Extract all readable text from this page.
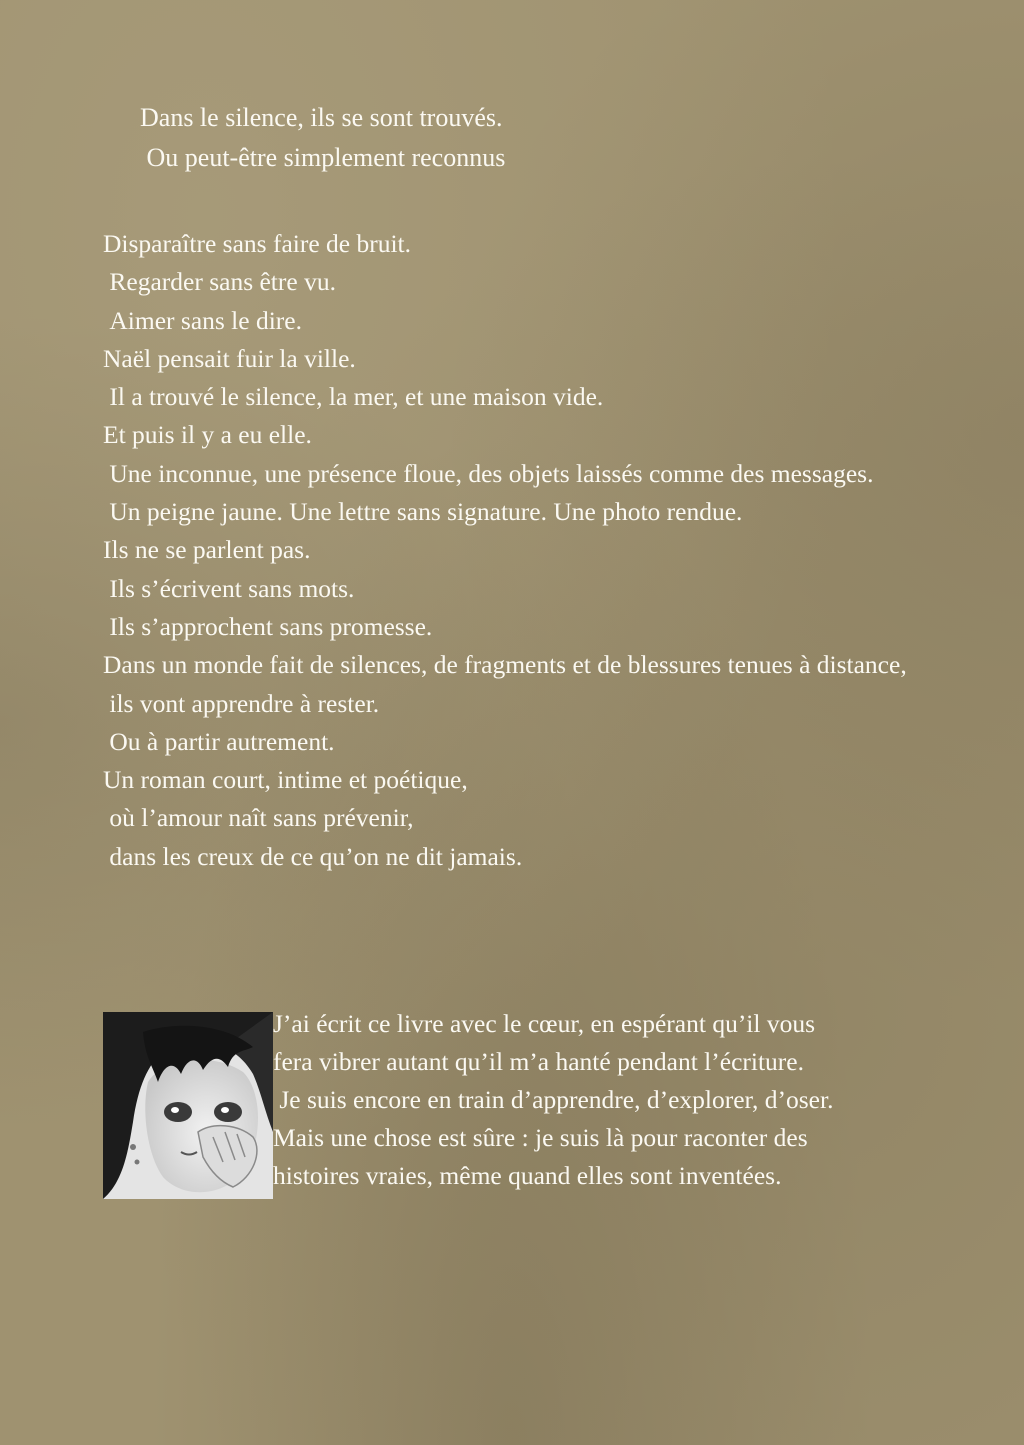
Dans le silence, ils se sont trouvés.
Ou peut-être simplement reconnus
Disparaître sans faire de bruit.
Regarder sans être vu.
Aimer sans le dire.
Naël pensait fuir la ville.
Il a trouvé le silence, la mer, et une maison vide.
Et puis il y a eu elle.
Une inconnue, une présence floue, des objets laissés comme des messages.
Un peigne jaune. Une lettre sans signature. Une photo rendue.
Ils ne se parlent pas.
Ils s’écrivent sans mots.
Ils s’approchent sans promesse.
Dans un monde fait de silences, de fragments et de blessures tenues à distance,
ils vont apprendre à rester.
Ou à partir autrement.
Un roman court, intime et poétique,
où l’amour naît sans prévenir,
dans les creux de ce qu’on ne dit jamais.
J’ai écrit ce livre avec le cœur, en espérant qu’il vous
fera vibrer autant qu’il m’a hanté pendant l’écriture.
Je suis encore en train d’apprendre, d’explorer, d’oser.
Mais une chose est sûre : je suis là pour raconter des
histoires vraies, même quand elles sont inventées.
